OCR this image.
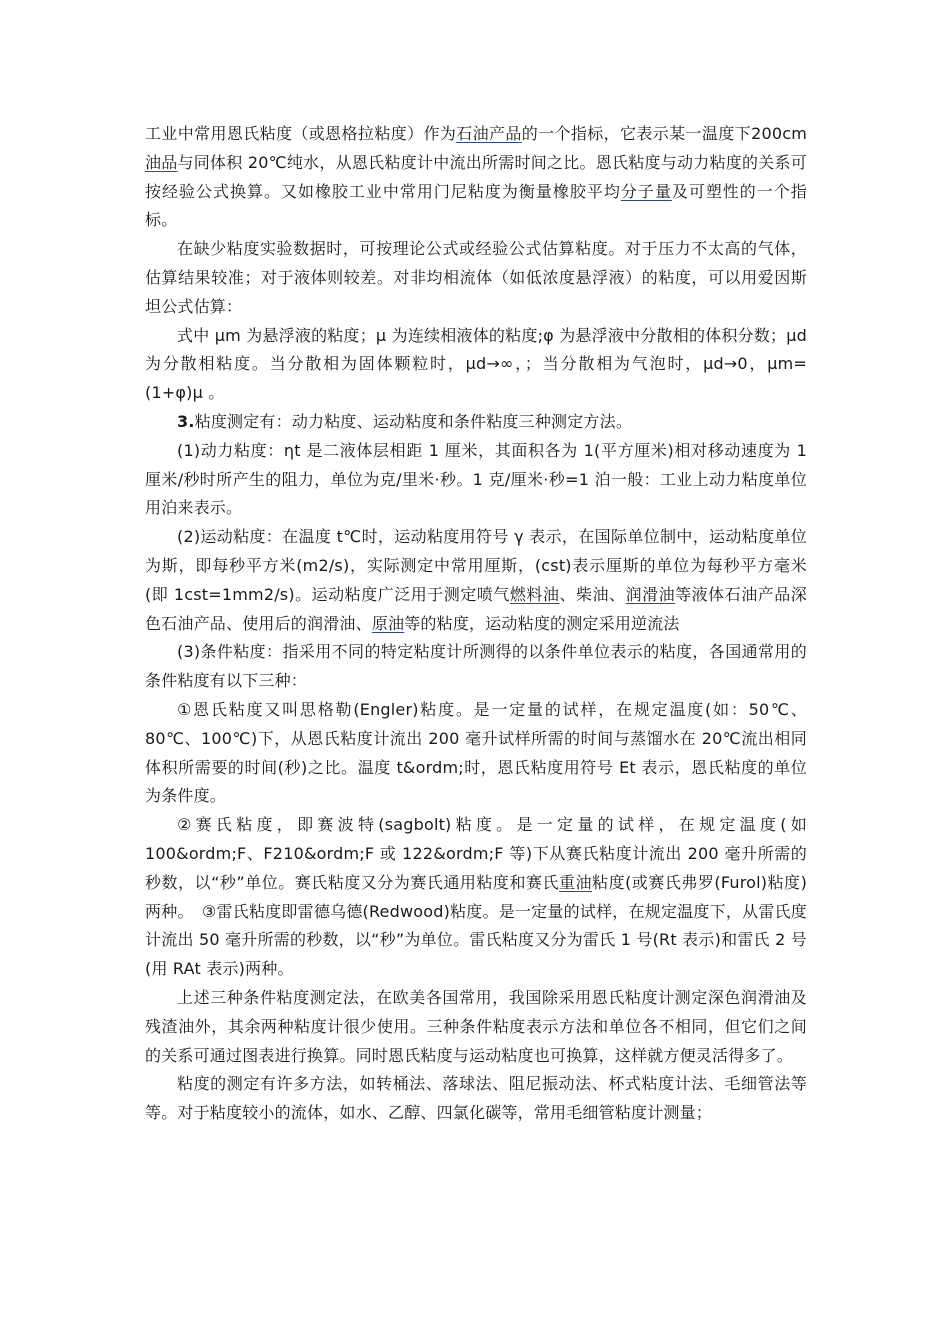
工业中常用恩氏粘度（或恩格拉粘度）作为石油产品的一个指标，它表示某一温度下200cm 油品与同体积 20℃纯水，从恩氏粘度计中流出所需时间之比。恩氏粘度与动力粘度的关系可按经验公式换算。又如橡胶工业中常用门尼粘度为衡量橡胶平均分子量及可塑性的一个指标。

在缺少粘度实验数据时，可按理论公式或经验公式估算粘度。对于压力不太高的气体，估算结果较准；对于液体则较差。对非均相流体（如低浓度悬浮液）的粘度，可以用爱因斯坦公式估算：

式中 μm 为悬浮液的粘度；μ 为连续相液体的粘度;φ 为悬浮液中分散相的体积分数；μd 为分散相粘度。当分散相为固体颗粒时，μd→∞，；当分散相为气泡时，μd→0，μm=(1+φ)μ 。

3.粘度测定有：动力粘度、运动粘度和条件粘度三种测定方法。

(1)动力粘度：ηt 是二液体层相距 1 厘米，其面积各为 1(平方厘米)相对移动速度为 1 厘米/秒时所产生的阻力，单位为克/里米·秒。1 克/厘米·秒=1 泊一般：工业上动力粘度单位用泊来表示。

(2)运动粘度：在温度 t℃时，运动粘度用符号 γ 表示，在国际单位制中，运动粘度单位为斯，即每秒平方米(m2/s)，实际测定中常用厘斯，(cst)表示厘斯的单位为每秒平方毫米(即 1cst=1mm2/s)。运动粘度广泛用于测定喷气燃料油、柴油、润滑油等液体石油产品深色石油产品、使用后的润滑油、原油等的粘度，运动粘度的测定采用逆流法

(3)条件粘度：指采用不同的特定粘度计所测得的以条件单位表示的粘度，各国通常用的条件粘度有以下三种：

①恩氏粘度又叫思格勒(Engler)粘度。是一定量的试样，在规定温度(如：50℃、 80℃、100℃)下，从恩氏粘度计流出 200 毫升试样所需的时间与蒸馏水在 20℃流出相同体积所需要的时间(秒)之比。温度 t&ordm;时，恩氏粘度用符号 Et 表示，恩氏粘度的单位为条件度。

②赛氏粘度，即赛波特(sagbolt)粘度。是一定量的试样，在规定温度(如 100&ordm;F、F210&ordm;F 或 122&ordm;F 等)下从赛氏粘度计流出 200 毫升所需的秒数，以“秒”单位。赛氏粘度又分为赛氏通用粘度和赛氏重油粘度(或赛氏弗罗(Furol)粘度)两种。　③雷氏粘度即雷德乌德(Redwood)粘度。是一定量的试样，在规定温度下，从雷氏度计流出 50 毫升所需的秒数，以“秒”为单位。雷氏粘度又分为雷氏 1 号(Rt 表示)和雷氏 2 号(用 RAt 表示)两种。

上述三种条件粘度测定法，在欧美各国常用，我国除采用恩氏粘度计测定深色润滑油及残渣油外，其余两种粘度计很少使用。三种条件粘度表示方法和单位各不相同，但它们之间的关系可通过图表进行换算。同时恩氏粘度与运动粘度也可换算，这样就方便灵活得多了。

粘度的测定有许多方法，如转桶法、落球法、阻尼振动法、杯式粘度计法、毛细管法等等。对于粘度较小的流体，如水、乙醇、四氯化碳等，常用毛细管粘度计测量；
